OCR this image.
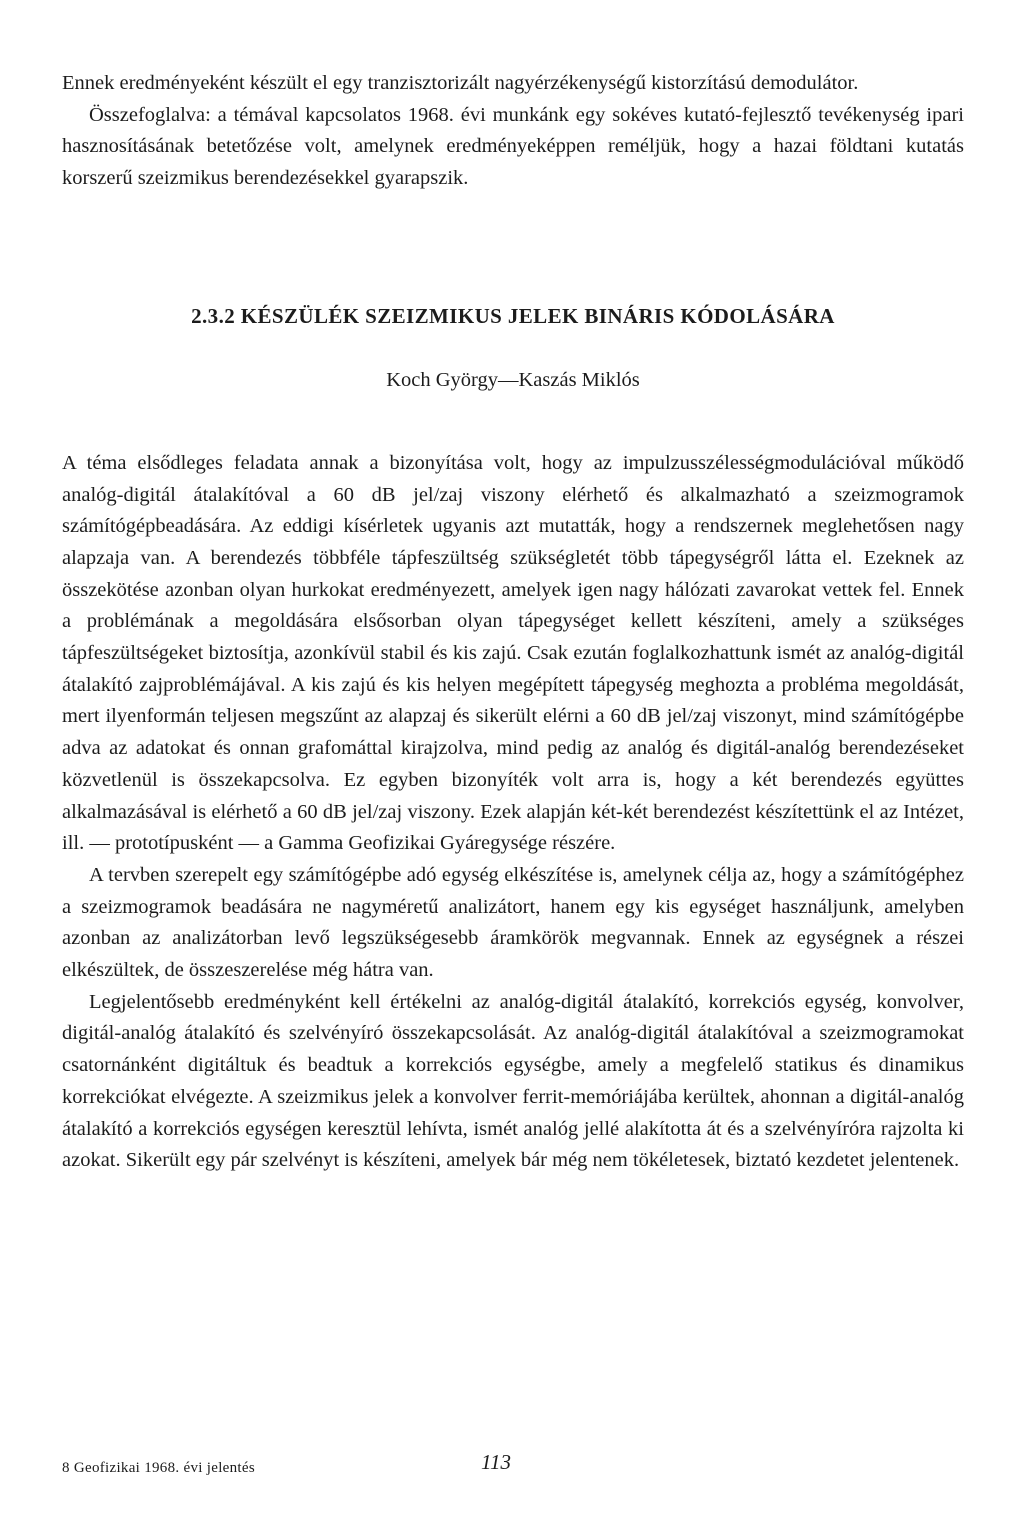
Ennek eredményeként készült el egy tranzisztorizált nagyérzékenységű kistorzítású demodulátor.

Összefoglalva: a témával kapcsolatos 1968. évi munkánk egy sokéves kutató-fejlesztő tevékenység ipari hasznosításának betetőzése volt, amelynek eredményeképpen reméljük, hogy a hazai földtani kutatás korszerű szeizmikus berendezésekkel gyarapszik.

2.3.2 KÉSZÜLÉK SZEIZMIKUS JELEK BINÁRIS KÓDOLÁSÁRA
Koch György—Kaszás Miklós

A téma elsődleges feladata annak a bizonyítása volt, hogy az impulzusszélességmodulációval működő analóg-digitál átalakítóval a 60 dB jel/zaj viszony elérhető és alkalmazható a szeizmogramok számítógépbeadására. Az eddigi kísérletek ugyanis azt mutatták, hogy a rendszernek meglehetősen nagy alapzaja van. A berendezés többféle tápfeszültség szükségletét több tápegységről látta el. Ezeknek az összekötése azonban olyan hurkokat eredményezett, amelyek igen nagy hálózati zavarokat vettek fel. Ennek a problémának a megoldására elsősorban olyan tápegységet kellett készíteni, amely a szükséges tápfeszültségeket biztosítja, azonkívül stabil és kis zajú. Csak ezután foglalkozhattunk ismét az analóg-digitál átalakító zajproblémájával. A kis zajú és kis helyen megépített tápegység meghozta a probléma megoldását, mert ilyenformán teljesen megszűnt az alapzaj és sikerült elérni a 60 dB jel/zaj viszonyt, mind számítógépbe adva az adatokat és onnan grafomáttal kirajzolva, mind pedig az analóg és digitál-analóg berendezéseket közvetlenül is összekapcsolva. Ez egyben bizonyíték volt arra is, hogy a két berendezés együttes alkalmazásával is elérhető a 60 dB jel/zaj viszony. Ezek alapján két-két berendezést készítettünk el az Intézet, ill. — prototípusként — a Gamma Geofizikai Gyáregysége részére.

A tervben szerepelt egy számítógépbe adó egység elkészítése is, amelynek célja az, hogy a számítógéphez a szeizmogramok beadására ne nagyméretű analizátort, hanem egy kis egységet használjunk, amelyben azonban az analizátorban levő legszükségesebb áramkörök megvannak. Ennek az egységnek a részei elkészültek, de összeszerelése még hátra van.

Legjelentősebb eredményként kell értékelni az analóg-digitál átalakító, korrekciós egység, konvolver, digitál-analóg átalakító és szelvényíró összekapcsolását. Az analóg-digitál átalakítóval a szeizmogramokat csatornánként digitáltuk és beadtuk a korrekciós egységbe, amely a megfelelő statikus és dinamikus korrekciókat elvégezte. A szeizmikus jelek a konvolver ferrit-memóriájába kerültek, ahonnan a digitál-analóg átalakító a korrekciós egységen keresztül lehívta, ismét analóg jellé alakította át és a szelvényírórа rajzolta ki azokat. Sikerült egy pár szelvényt is készíteni, amelyek bár még nem tökéletesek, biztató kezdetet jelentenek.

8 Geofizikai 1968. évi jelentés	113
